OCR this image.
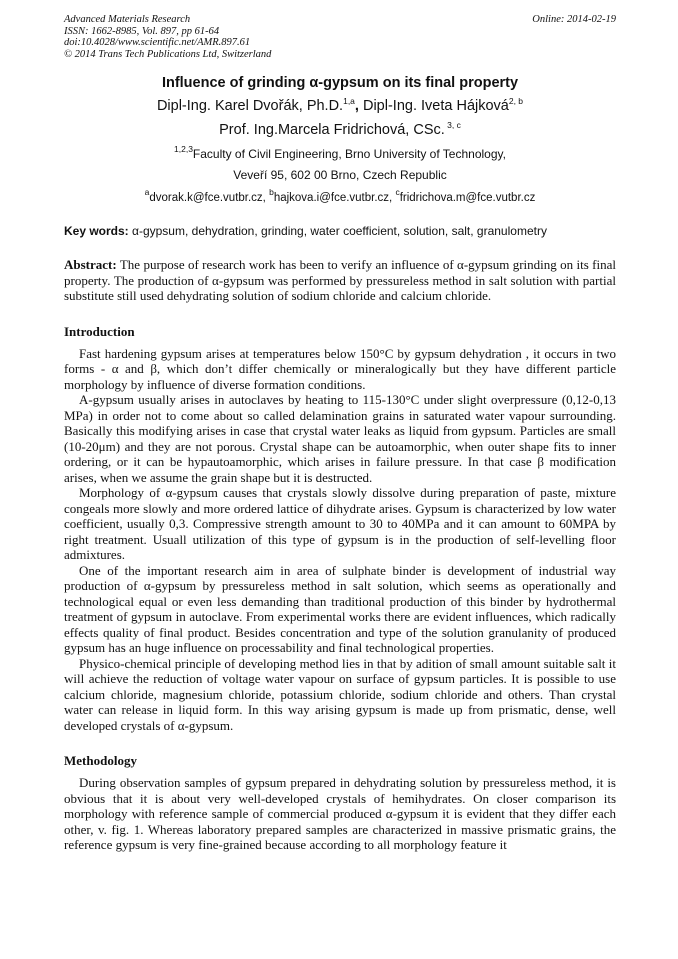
Advanced Materials Research
ISSN: 1662-8985, Vol. 897, pp 61-64
doi:10.4028/www.scientific.net/AMR.897.61
© 2014 Trans Tech Publications Ltd, Switzerland
Online: 2014-02-19
Influence of grinding α-gypsum on its final property
Dipl-Ing. Karel Dvořák, Ph.D.$^{1,a}$, Dipl-Ing. Iveta Hájková$^{2, b}$
Prof. Ing.Marcela Fridrichová, CSc. $^{3, c}$
$^{1,2,3}$Faculty of Civil Engineering, Brno University of Technology,
Veveří 95, 602 00 Brno, Czech Republic
$^a$dvorak.k@fce.vutbr.cz, $^b$hajkova.i@fce.vutbr.cz, $^c$fridrichova.m@fce.vutbr.cz
Key words: α-gypsum, dehydration, grinding, water coefficient, solution, salt, granulometry
Abstract: The purpose of research work has been to verify an influence of α-gypsum grinding on its final property. The production of α-gypsum was performed by pressureless method in salt solution with partial substitute still used dehydrating solution of sodium chloride and calcium chloride.
Introduction

Fast hardening gypsum arises at temperatures below 150°C by gypsum dehydration , it occurs in two forms - α and β, which don’t differ chemically or mineralogically but they have different particle morphology by influence of diverse formation conditions.

A-gypsum usually arises in autoclaves by heating to 115-130°C under slight overpressure (0,12-0,13 MPa) in order not to come about so called delamination grains in saturated water vapour surrounding. Basically this modifying arises in case that crystal water leaks as liquid from gypsum. Particles are small (10-20μm) and they are not porous. Crystal shape can be autoamorphic, when outer shape fits to inner ordering, or it can be hypautoamorphic, which arises in failure pressure. In that case β modification arises, when we assume the grain shape but it is destructed.

Morphology of α-gypsum causes that crystals slowly dissolve during preparation of paste, mixture congeals more slowly and more ordered lattice of dihydrate arises. Gypsum is characterized by low water coefficient, usually 0,3. Compressive strength amount to 30 to 40MPa and it can amount to 60MPA by right treatment. Usuall utilization of this type of gypsum is in the production of self-levelling floor admixtures.

One of the important research aim in area of sulphate binder is development of industrial way production of α-gypsum by pressureless method in salt solution, which seems as operationally and technological equal or even less demanding than traditional production of this binder by hydrothermal treatment of gypsum in autoclave. From experimental works there are evident influences, which radically effects quality of final product. Besides concentration and type of the solution granulanity of produced gypsum has an huge influence on processability and final technological properties.

Physico-chemical principle of developing method lies in that by adition of small amount suitable salt it will achieve the reduction of voltage water vapour on surface of gypsum particles. It is possible to use calcium chloride, magnesium chloride, potassium chloride, sodium chloride and others. Than crystal water can release in liquid form. In this way arising gypsum is made up from prismatic, dense, well developed crystals of α-gypsum.

Methodology

During observation samples of gypsum prepared in dehydrating solution by pressureless method, it is obvious that it is about very well-developed crystals of hemihydrates. On closer comparison its morphology with reference sample of commercial produced α-gypsum it is evident that they differ each other, v. fig. 1. Whereas laboratory prepared samples are characterized in massive prismatic grains, the reference gypsum is very fine-grained because according to all morphology feature it
